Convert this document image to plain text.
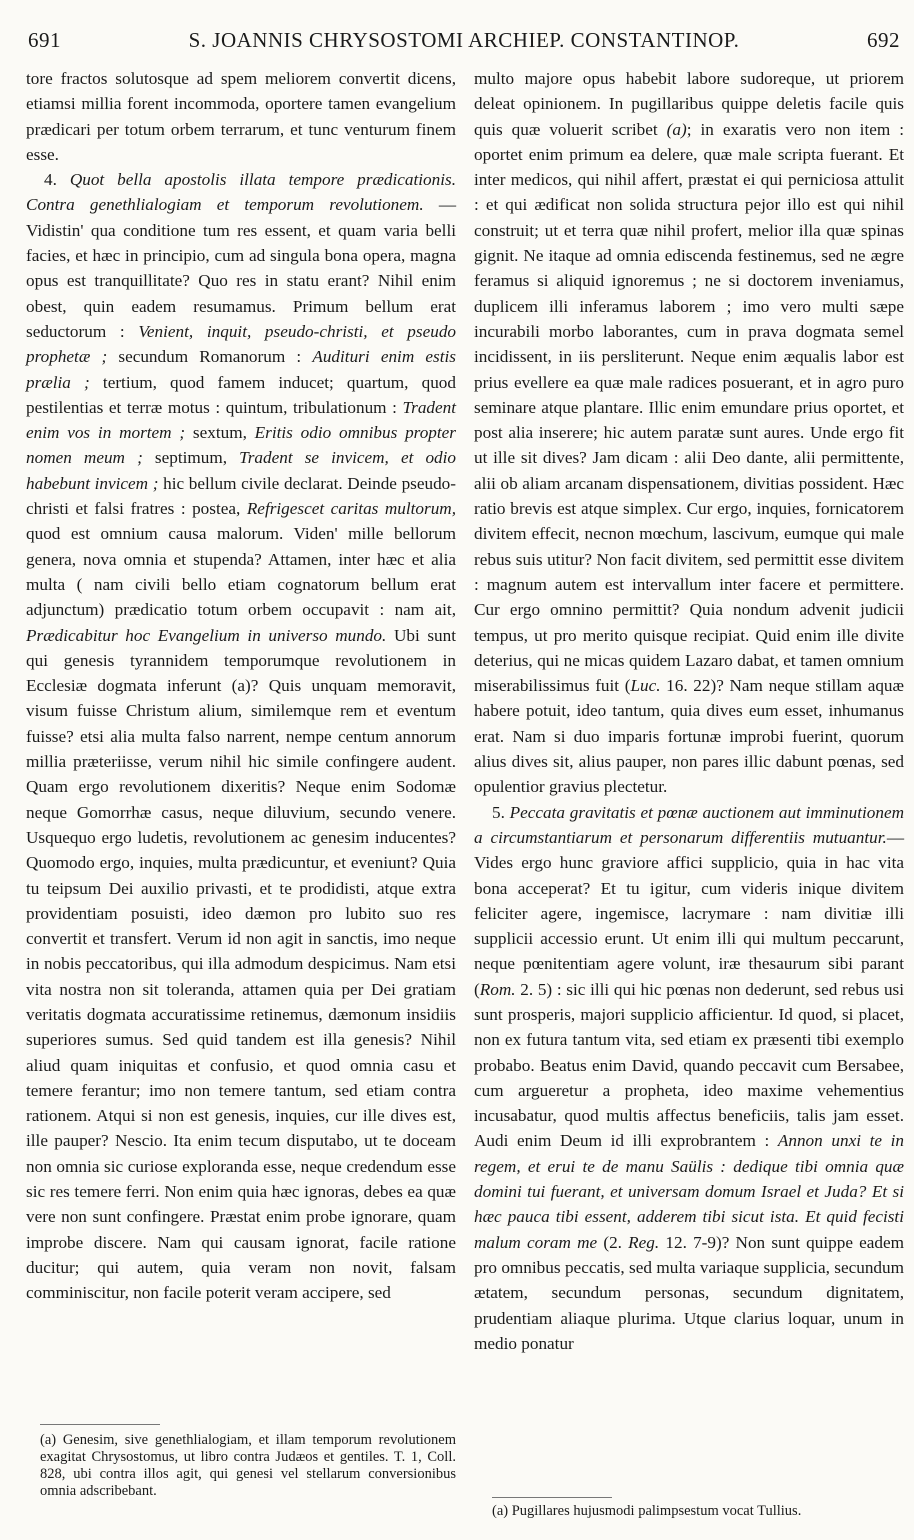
691	S. JOANNIS CHRYSOSTOMI ARCHIEP. CONSTANTINOP.	692

tore fractos solutosque ad spem meliorem convertit dicens, etiamsi millia forent incommoda, oportere tamen evangelium prædicari per totum orbem terrarum, et tunc venturum finem esse.

4. Quot bella apostolis illata tempore prædicationis. Contra genethlialogiam et temporum revolutionem. — Vidistin' qua conditione tum res essent, et quam varia belli facies, et hæc in principio, cum ad singula bona opera, magna opus est tranquillitate? Quo res in statu erant? Nihil enim obest, quin eadem resumamus. Primum bellum erat seductorum : Venient, inquit, pseudo-christi, et pseudo prophetæ ; secundum Romanorum : Audituri enim estis prælia ; tertium, quod famem inducet; quartum, quod pestilentias et terræ motus : quintum, tribulationum : Tradent enim vos in mortem ; sextum, Eritis odio omnibus propter nomen meum ; septimum, Tradent se invicem, et odio habebunt invicem ; hic bellum civile declarat. Deinde pseudo-christi et falsi fratres : postea, Refrigescet caritas multorum, quod est omnium causa malorum. Viden' mille bellorum genera, nova omnia et stupenda? Attamen, inter hæc et alia multa ( nam civili bello etiam cognatorum bellum erat adjunctum) prædicatio totum orbem occupavit : nam ait, Prædicabitur hoc Evangelium in universo mundo. Ubi sunt qui genesis tyrannidem temporumque revolutionem in Ecclesiæ dogmata inferunt (a)? Quis unquam memoravit, visum fuisse Christum alium, similemque rem et eventum fuisse? etsi alia multa falso narrent, nempe centum annorum millia præteriisse, verum nihil hic simile confingere audent. Quam ergo revolutionem dixeritis? Neque enim Sodomæ neque Gomorrhæ casus, neque diluvium, secundo venere. Usquequo ergo ludetis, revolutionem ac genesim inducentes? Quomodo ergo, inquies, multa prædicuntur, et eveniunt? Quia tu teipsum Dei auxilio privasti, et te prodidisti, atque extra providentiam posuisti, ideo dæmon pro lubito suo res convertit et transfert. Verum id non agit in sanctis, imo neque in nobis peccatoribus, qui illa admodum despicimus. Nam etsi vita nostra non sit toleranda, attamen quia per Dei gratiam veritatis dogmata accuratissime retinemus, dæmonum insidiis superiores sumus. Sed quid tandem est illa genesis? Nihil aliud quam iniquitas et confusio, et quod omnia casu et temere ferantur; imo non temere tantum, sed etiam contra rationem. Atqui si non est genesis, inquies, cur ille dives est, ille pauper? Nescio. Ita enim tecum disputabo, ut te doceam non omnia sic curiose exploranda esse, neque credendum esse sic res temere ferri. Non enim quia hæc ignoras, debes ea quæ vere non sunt confingere. Præstat enim probe ignorare, quam improbe discere. Nam qui causam ignorat, facile ratione ducitur; qui autem, quia veram non novit, falsam comminiscitur, non facile poterit veram accipere, sed

(a) Genesim, sive genethlialogiam, et illam temporum revolutionem exagitat Chrysostomus, ut libro contra Judæos et gentiles. T. 1, Coll. 828, ubi contra illos agit, qui genesi vel stellarum conversionibus omnia adscribebant.

multo majore opus habebit labore sudoreque, ut priorem deleat opinionem. In pugillaribus quippe deletis facile quis quis quæ voluerit scribet (a); in exaratis vero non item : oportet enim primum ea delere, quæ male scripta fuerant. Et inter medicos, qui nihil affert, præstat ei qui perniciosa attulit : et qui ædificat non solida structura pejor illo est qui nihil construit; ut et terra quæ nihil profert, melior illa quæ spinas gignit. Ne itaque ad omnia ediscenda festinemus, sed ne ægre feramus si aliquid ignoremus ; ne si doctorem inveniamus, duplicem illi inferamus laborem ; imo vero multi sæpe incurabili morbo laborantes, cum in prava dogmata semel incidissent, in iis persliterunt. Neque enim æqualis labor est prius evellere ea quæ male radices posuerant, et in agro puro seminare atque plantare. Illic enim emundare prius oportet, et post alia inserere; hic autem paratæ sunt aures. Unde ergo fit ut ille sit dives? Jam dicam : alii Deo dante, alii permittente, alii ob aliam arcanam dispensationem, divitias possident. Hæc ratio brevis est atque simplex. Cur ergo, inquies, fornicatorem divitem effecit, necnon mœchum, lascivum, eumque qui male rebus suis utitur? Non facit divitem, sed permittit esse divitem : magnum autem est intervallum inter facere et permittere. Cur ergo omnino permittit? Quia nondum advenit judicii tempus, ut pro merito quisque recipiat. Quid enim ille divite deterius, qui ne micas quidem Lazaro dabat, et tamen omnium miserabilissimus fuit (Luc. 16. 22)? Nam neque stillam aquæ habere potuit, ideo tantum, quia dives eum esset, inhumanus erat. Nam si duo imparis fortunæ improbi fuerint, quorum alius dives sit, alius pauper, non pares illic dabunt pœnas, sed opulentior gravius plectetur.

5. Peccata gravitatis et pœnæ auctionem aut imminutionem a circumstantiarum et personarum differentiis mutuantur.—Vides ergo hunc graviore affici supplicio, quia in hac vita bona acceperat? Et tu igitur, cum videris inique divitem feliciter agere, ingemisce, lacrymare : nam divitiæ illi supplicii accessio erunt. Ut enim illi qui multum peccarunt, neque pœnitentiam agere volunt, iræ thesaurum sibi parant (Rom. 2. 5) : sic illi qui hic pœnas non dederunt, sed rebus usi sunt prosperis, majori supplicio afficientur. Id quod, si placet, non ex futura tantum vita, sed etiam ex præsenti tibi exemplo probabo. Beatus enim David, quando peccavit cum Bersabee, cum argueretur a propheta, ideo maxime vehementius incusabatur, quod multis affectus beneficiis, talis jam esset. Audi enim Deum id illi exprobrantem : Annon unxi te in regem, et erui te de manu Saülis : dedique tibi omnia quæ domini tui fuerant, et universam domum Israel et Juda? Et si hæc pauca tibi essent, adderem tibi sicut ista. Et quid fecisti malum coram me (2. Reg. 12. 7-9)? Non sunt quippe eadem pro omnibus peccatis, sed multa variaque supplicia, secundum ætatem, secundum personas, secundum dignitatem, prudentiam aliaque plurima. Utque clarius loquar, unum in medio ponatur

(a) Pugillares hujusmodi palimpsestum vocat Tullius.
